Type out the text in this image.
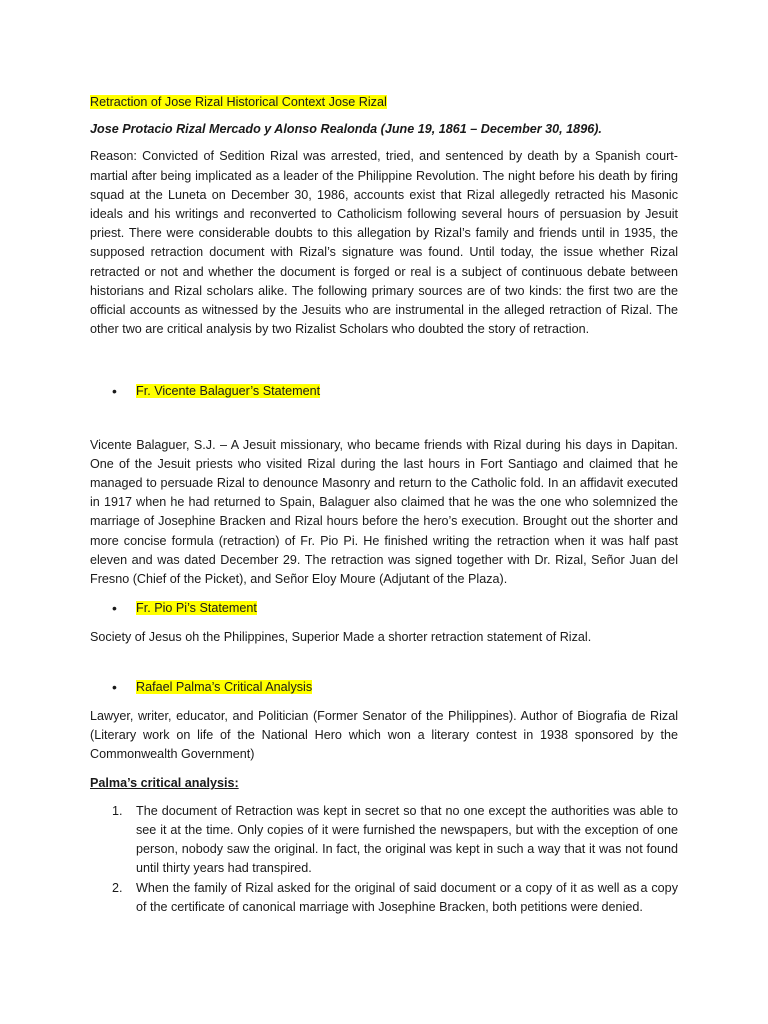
Retraction of Jose Rizal Historical Context Jose Rizal

Jose Protacio Rizal Mercado y Alonso Realonda (June 19, 1861 – December 30, 1896).

Reason: Convicted of Sedition Rizal was arrested, tried, and sentenced by death by a Spanish court-martial after being implicated as a leader of the Philippine Revolution. The night before his death by firing squad at the Luneta on December 30, 1986, accounts exist that Rizal allegedly retracted his Masonic ideals and his writings and reconverted to Catholicism following several hours of persuasion by Jesuit priest. There were considerable doubts to this allegation by Rizal’s family and friends until in 1935, the supposed retraction document with Rizal’s signature was found. Until today, the issue whether Rizal retracted or not and whether the document is forged or real is a subject of continuous debate between historians and Rizal scholars alike. The following primary sources are of two kinds: the first two are the official accounts as witnessed by the Jesuits who are instrumental in the alleged retraction of Rizal. The other two are critical analysis by two Rizalist Scholars who doubted the story of retraction.

• Fr. Vicente Balaguer’s Statement

Vicente Balaguer, S.J. – A Jesuit missionary, who became friends with Rizal during his days in Dapitan. One of the Jesuit priests who visited Rizal during the last hours in Fort Santiago and claimed that he managed to persuade Rizal to denounce Masonry and return to the Catholic fold. In an affidavit executed in 1917 when he had returned to Spain, Balaguer also claimed that he was the one who solemnized the marriage of Josephine Bracken and Rizal hours before the hero’s execution. Brought out the shorter and more concise formula (retraction) of Fr. Pio Pi. He finished writing the retraction when it was half past eleven and was dated December 29. The retraction was signed together with Dr. Rizal, Señor Juan del Fresno (Chief of the Picket), and Señor Eloy Moure (Adjutant of the Plaza).

• Fr. Pio Pi’s Statement

Society of Jesus oh the Philippines, Superior Made a shorter retraction statement of Rizal.

• Rafael Palma’s Critical Analysis

Lawyer, writer, educator, and Politician (Former Senator of the Philippines). Author of Biografia de Rizal (Literary work on life of the National Hero which won a literary contest in 1938 sponsored by the Commonwealth Government)

Palma’s critical analysis:

1. The document of Retraction was kept in secret so that no one except the authorities was able to see it at the time. Only copies of it were furnished the newspapers, but with the exception of one person, nobody saw the original. In fact, the original was kept in such a way that it was not found until thirty years had transpired.
2. When the family of Rizal asked for the original of said document or a copy of it as well as a copy of the certificate of canonical marriage with Josephine Bracken, both petitions were denied.
